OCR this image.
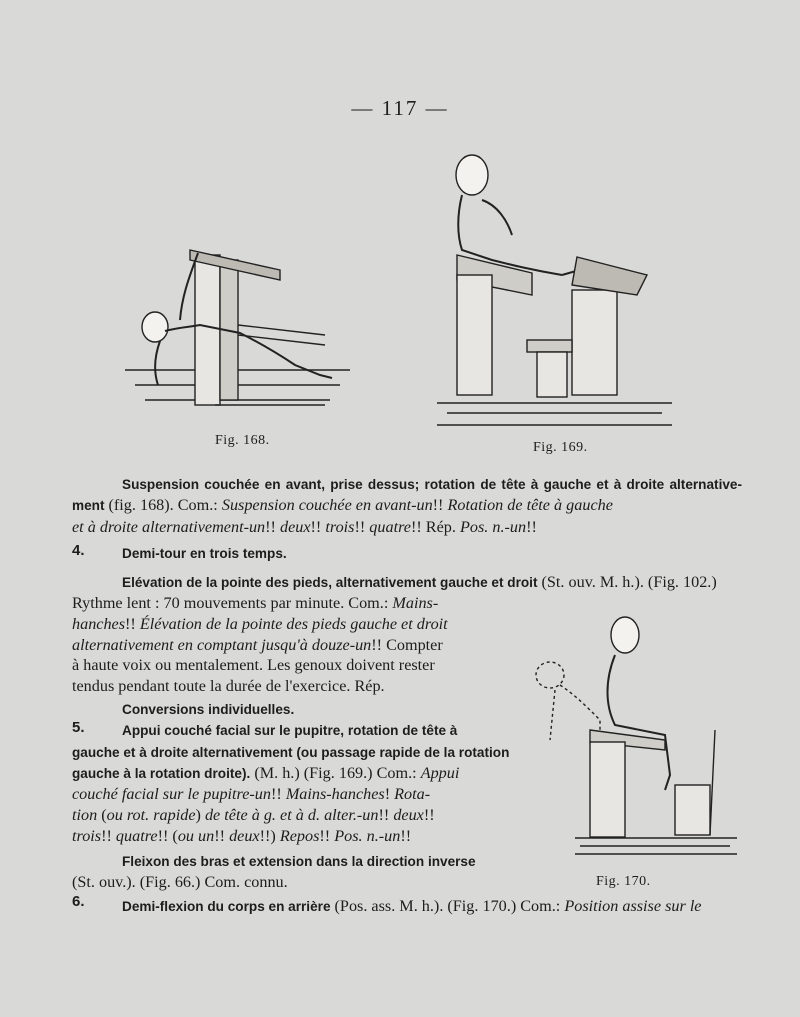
— 117 —
Fig. 168.	Fig. 169.
Suspension couchée en avant, prise dessus; rotation de tête à gauche et à droite alternative-
ment (fig. 168). Com.: Suspension couchée en avant-un!! Rotation de tête à gauche
et à droite alternativement-un!! deux!! trois!! quatre!! Rép. Pos. n.-un!!
4.	Demi-tour en trois temps.
Elévation de la pointe des pieds, alternativement gauche et droit (St. ouv. M. h.). (Fig. 102.)
Rythme lent : 70 mouvements par minute. Com.: Mains-
hanches!! Élévation de la pointe des pieds gauche et droit
alternativement en comptant jusqu'à douze-un!! Compter
à haute voix ou mentalement. Les genoux doivent rester
tendus pendant toute la durée de l'exercice. Rép.
Conversions individuelles.
5.	Appui couché facial sur le pupitre, rotation de tête à
gauche et à droite alternativement (ou passage rapide de la rotation
gauche à la rotation droite). (M. h.) (Fig. 169.) Com.: Appui
couché facial sur le pupitre-un!! Mains-hanches! Rota-
tion (ou rot. rapide) de tête à g. et à d. alter.-un!! deux!!
trois!! quatre!! (ou un!! deux!!) Repos!! Pos. n.-un!!
Fleixon des bras et extension dans la direction inverse
(St. ouv.). (Fig. 66.) Com. connu.	Fig. 170.
6.	Demi-flexion du corps en arrière (Pos. ass. M. h.). (Fig. 170.) Com.: Position assise sur le
